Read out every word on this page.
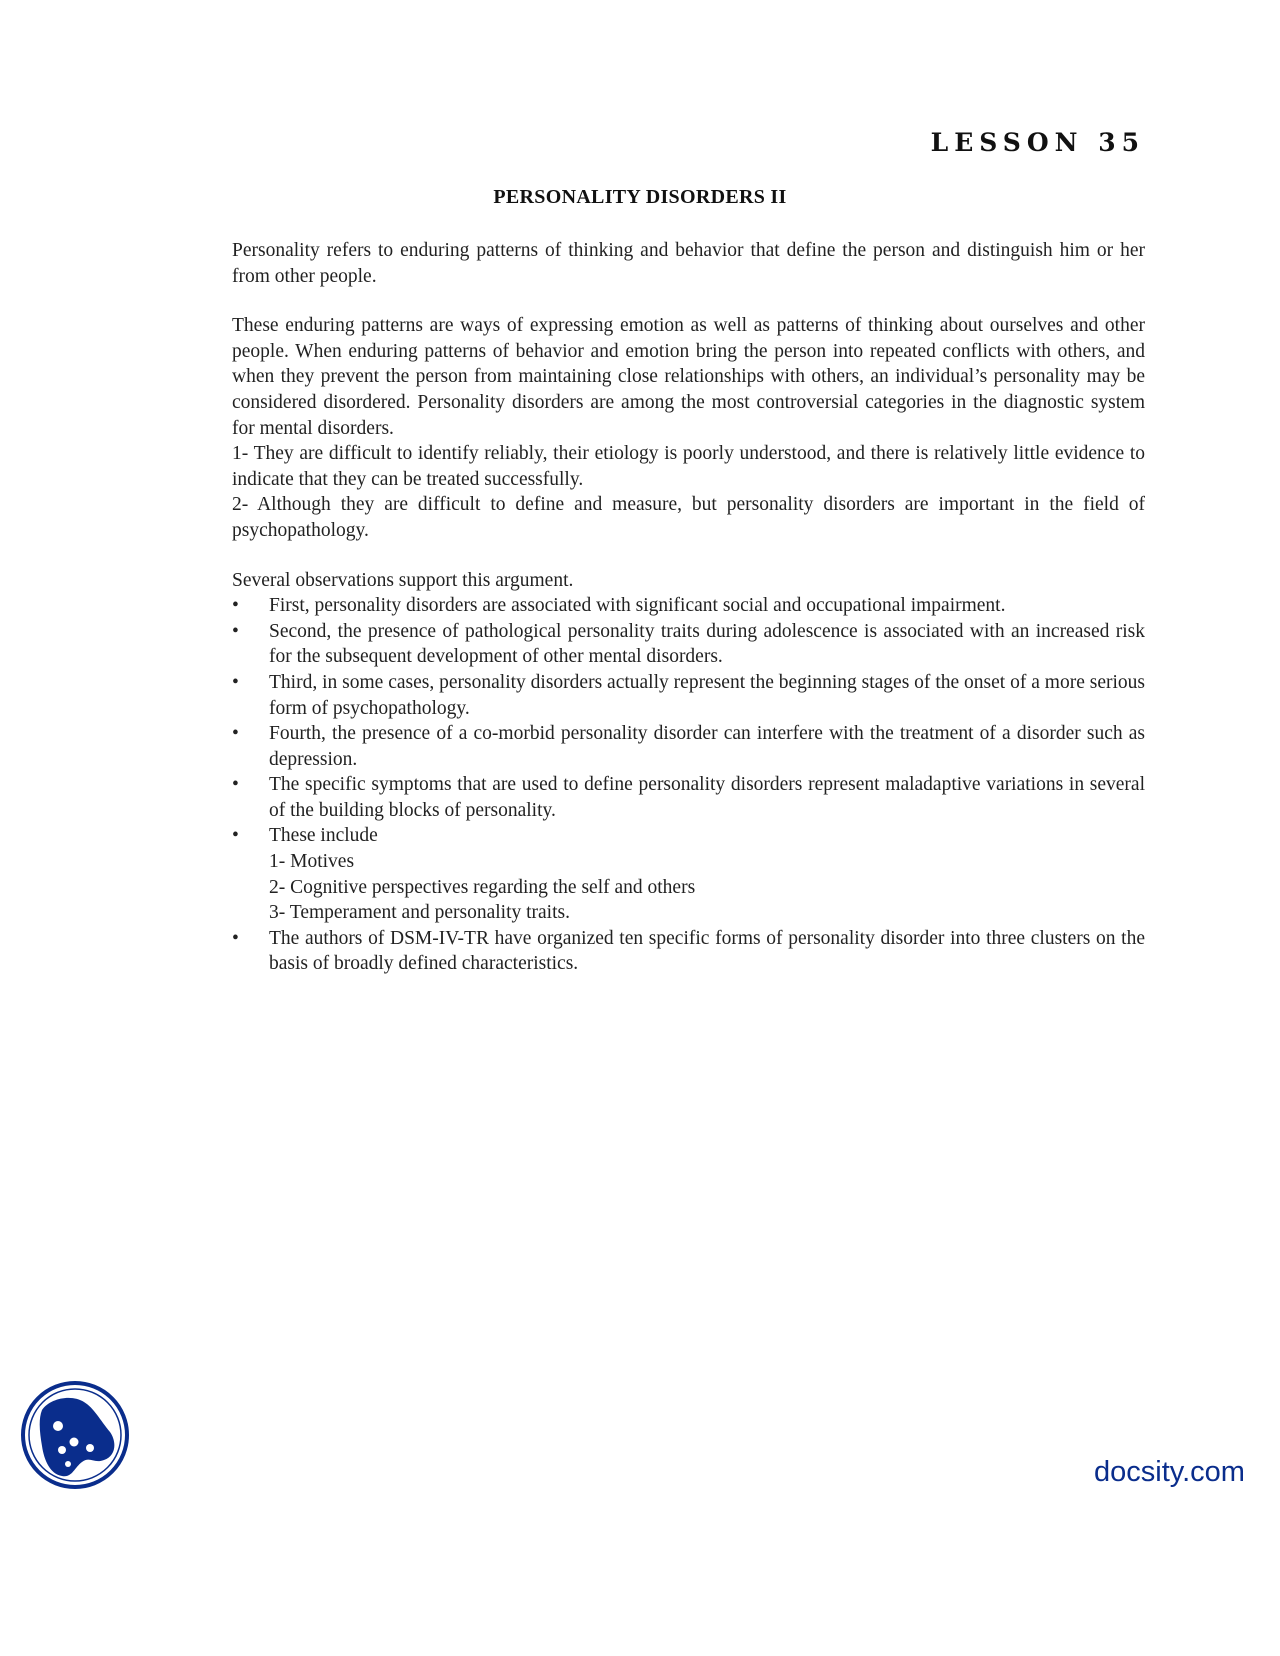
LESSON 35
PERSONALITY DISORDERS II

Personality refers to enduring patterns of thinking and behavior that define the person and distinguish him or her from other people.

These enduring patterns are ways of expressing emotion as well as patterns of thinking about ourselves and other people. When enduring patterns of behavior and emotion bring the person into repeated conflicts with others, and when they prevent the person from maintaining close relationships with others, an individual’s personality may be considered disordered. Personality disorders are among the most controversial categories in the diagnostic system for mental disorders.

1- They are difficult to identify reliably, their etiology is poorly understood, and there is relatively little evidence to indicate that they can be treated successfully.

2- Although they are difficult to define and measure, but personality disorders are important in the field of psychopathology.

Several observations support this argument.

•	First, personality disorders are associated with significant social and occupational impairment.
•	Second, the presence of pathological personality traits during adolescence is associated with an increased risk for the subsequent development of other mental disorders.
•	Third, in some cases, personality disorders actually represent the beginning stages of the onset of a more serious form of psychopathology.
•	Fourth, the presence of a co-morbid personality disorder can interfere with the treatment of a disorder such as depression.
•	The specific symptoms that are used to define personality disorders represent maladaptive variations in several of the building blocks of personality.
•	These include
1- Motives
2- Cognitive perspectives regarding the self and others
3- Temperament and personality traits.
•	The authors of DSM-IV-TR have organized ten specific forms of personality disorder into three clusters on the basis of broadly defined characteristics.
docsity.com
